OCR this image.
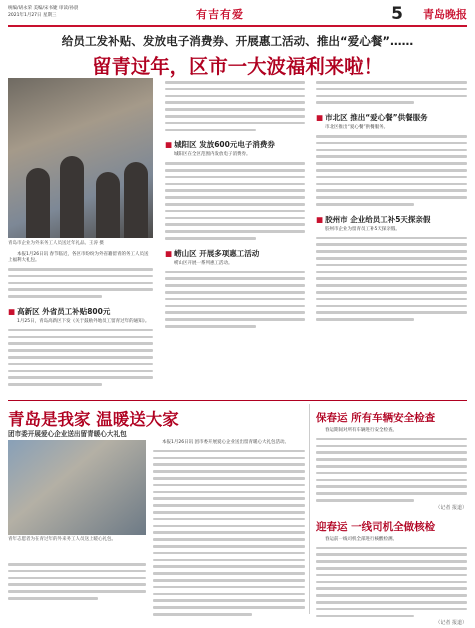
统编/胡永荣 美编/宋书婕 审读/孙晨
2021年1月27日 星期三	有吉有爱	5 青岛晚报
给员工发补贴、发放电子消费券、开展惠工活动、推出“爱心餐”……
留青过年，区市一大波福利来啦！
青岛市企业为外来务工人员送过年礼品。王涛 摄
本报1月26日讯 春节临近，各区市纷纷为外省籍留青的务工人员送上福利大礼包。
■ 高新区 外省员工补贴800元
1月25日，青岛高新区下发《关于鼓励外地员工留青过年的通知》。
■ 城阳区 发放600元电子消费券
城阳区在全区范围内发放电子消费券。
■ 崂山区 开展多项惠工活动
崂山区开展一系列惠工活动。
■ 市北区 推出“爱心餐”供餐服务
市北区推出“爱心餐”供餐服务。
■ 胶州市 企业给员工补5天探亲假
胶州市企业为留青员工补5天探亲假。
青岛是我家 温暖送大家
团市委开展爱心企业送出留青暖心大礼包
青年志愿者为在青过年的外来务工人员送上暖心礼包。
本报1月26日讯 团市委开展爱心企业送出留青暖心大礼包活动。
保春运 所有车辆安全检查
春运期间对所有车辆进行安全检查。
（记者 报道）
迎春运 一线司机全做核检
春运前一线司机全部进行核酸检测。
（记者 报道）
